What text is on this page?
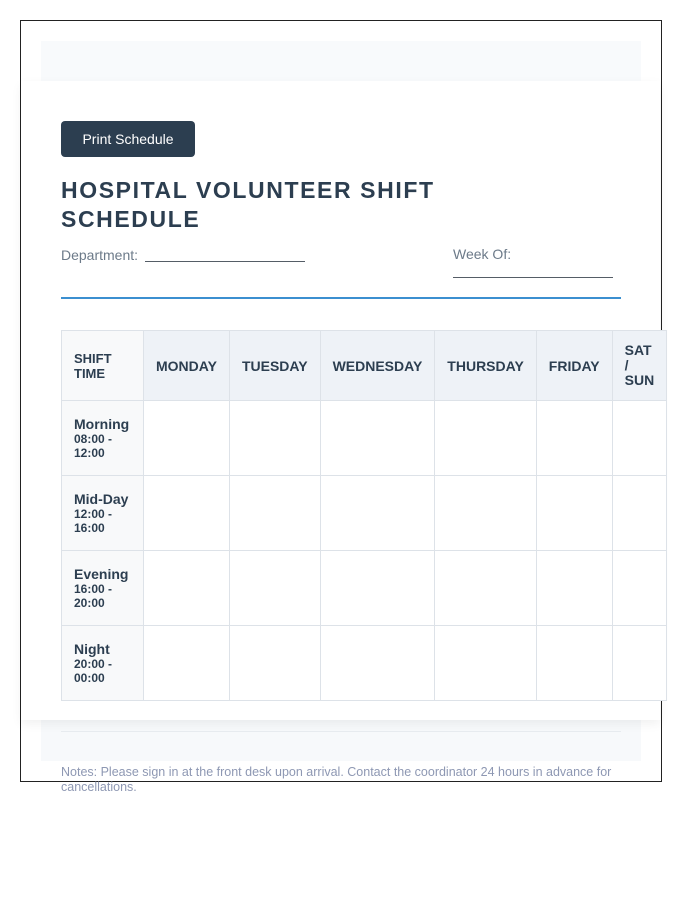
Print Schedule
HOSPITAL VOLUNTEER SHIFT SCHEDULE
Department:	Week Of:
SHIFT TIME	MONDAY	TUESDAY	WEDNESDAY	THURSDAY	FRIDAY	SAT / SUN

Morning
08:00 - 12:00						

Mid-Day
12:00 - 16:00						

Evening
16:00 - 20:00						

Night
20:00 - 00:00						

Notes: Please sign in at the front desk upon arrival. Contact the coordinator 24 hours in advance for cancellations.
